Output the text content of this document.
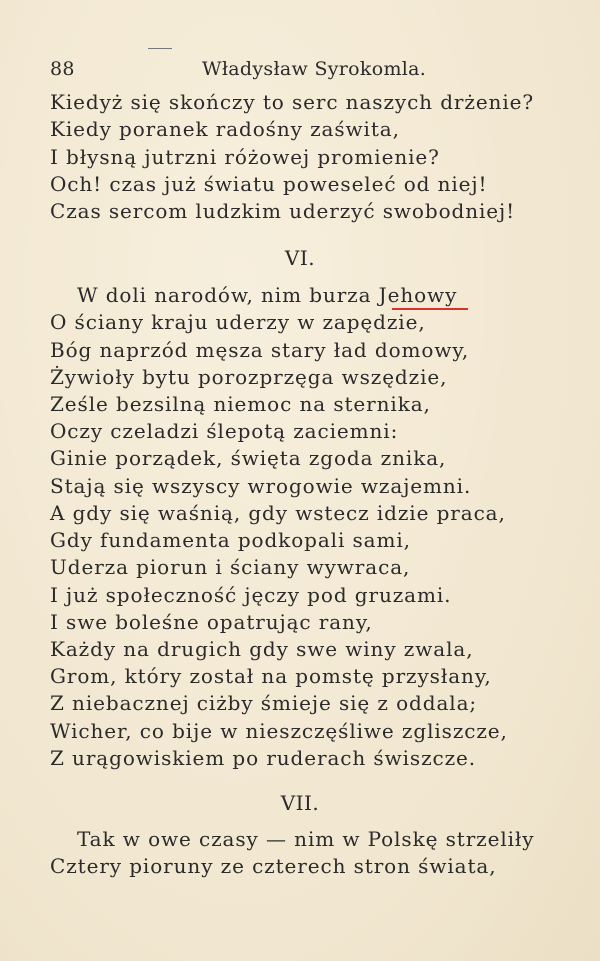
88	Władysław Syrokomla.
Kiedyż się skończy to serc naszych drżenie?
Kiedy poranek radośny zaświta,
I błysną jutrzni różowej promienie?
Och! czas już światu poweseleć od niej!
Czas sercom ludzkim uderzyć swobodniej!
VI.
W doli narodów, nim burza Jehowy
O ściany kraju uderzy w zapędzie,
Bóg naprzód męsza stary ład domowy,
Żywioły bytu porozprzęga wszędzie,
Ześle bezsilną niemoc na sternika,
Oczy czeladzi ślepotą zaciemni:
Ginie porządek, święta zgoda znika,
Stają się wszyscy wrogowie wzajemni.
A gdy się waśnią, gdy wstecz idzie praca,
Gdy fundamenta podkopali sami,
Uderza piorun i ściany wywraca,
I już społeczność jęczy pod gruzami.
I swe boleśne opatrując rany,
Każdy na drugich gdy swe winy zwala,
Grom, który został na pomstę przysłany,
Z niebacznej ciżby śmieje się z oddala;
Wicher, co bije w nieszczęśliwe zgliszcze,
Z urągowiskiem po ruderach świszcze.
VII.
Tak w owe czasy — nim w Polskę strzeliły
Cztery pioruny ze czterech stron świata,
